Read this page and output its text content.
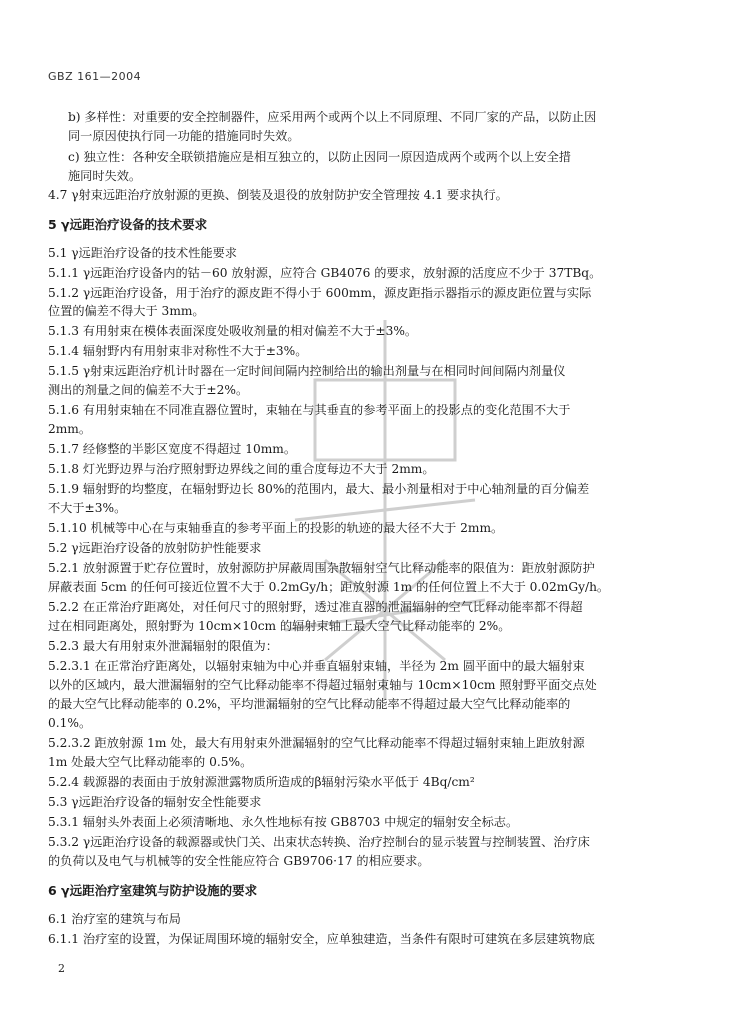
GBZ 161—2004
b) 多样性：对重要的安全控制器件，应采用两个或两个以上不同原理、不同厂家的产品，以防止因
同一原因使执行同一功能的措施同时失效。
c) 独立性：各种安全联锁措施应是相互独立的，以防止因同一原因造成两个或两个以上安全措
施同时失效。
4.7 γ射束远距治疗放射源的更换、倒装及退役的放射防护安全管理按 4.1 要求执行。
5 γ远距治疗设备的技术要求
5.1 γ远距治疗设备的技术性能要求
5.1.1 γ远距治疗设备内的钴－60 放射源，应符合 GB4076 的要求，放射源的活度应不少于 37TBq。
5.1.2 γ远距治疗设备，用于治疗的源皮距不得小于 600mm，源皮距指示器指示的源皮距位置与实际
位置的偏差不得大于 3mm。
5.1.3 有用射束在模体表面深度处吸收剂量的相对偏差不大于±3%。
5.1.4 辐射野内有用射束非对称性不大于±3%。
5.1.5 γ射束远距治疗机计时器在一定时间间隔内控制给出的输出剂量与在相同时间间隔内剂量仪
测出的剂量之间的偏差不大于±2%。
5.1.6 有用射束轴在不同准直器位置时，束轴在与其垂直的参考平面上的投影点的变化范围不大于
2mm。
5.1.7 经修整的半影区宽度不得超过 10mm。
5.1.8 灯光野边界与治疗照射野边界线之间的重合度每边不大于 2mm。
5.1.9 辐射野的均整度，在辐射野边长 80%的范围内，最大、最小剂量相对于中心轴剂量的百分偏差
不大于±3%。
5.1.10 机械等中心在与束轴垂直的参考平面上的投影的轨迹的最大径不大于 2mm。
5.2 γ远距治疗设备的放射防护性能要求
5.2.1 放射源置于贮存位置时，放射源防护屏蔽周围杂散辐射空气比释动能率的限值为：距放射源防护
屏蔽表面 5cm 的任何可接近位置不大于 0.2mGy/h；距放射源 1m 的任何位置上不大于 0.02mGy/h。
5.2.2 在正常治疗距离处，对任何尺寸的照射野，透过准直器的泄漏辐射的空气比释动能率都不得超
过在相同距离处，照射野为 10cm×10cm 的辐射束轴上最大空气比释动能率的 2%。
5.2.3 最大有用射束外泄漏辐射的限值为：
5.2.3.1 在正常治疗距离处，以辐射束轴为中心并垂直辐射束轴，半径为 2m 圆平面中的最大辐射束
以外的区域内，最大泄漏辐射的空气比释动能率不得超过辐射束轴与 10cm×10cm 照射野平面交点处
的最大空气比释动能率的 0.2%，平均泄漏辐射的空气比释动能率不得超过最大空气比释动能率的
0.1%。
5.2.3.2 距放射源 1m 处，最大有用射束外泄漏辐射的空气比释动能率不得超过辐射束轴上距放射源
1m 处最大空气比释动能率的 0.5%。
5.2.4 载源器的表面由于放射源泄露物质所造成的β辐射污染水平低于 4Bq/cm²
5.3 γ远距治疗设备的辐射安全性能要求
5.3.1 辐射头外表面上必须清晰地、永久性地标有按 GB8703 中规定的辐射安全标志。
5.3.2 γ远距治疗设备的载源器或快门关、出束状态转换、治疗控制台的显示装置与控制装置、治疗床
的负荷以及电气与机械等的安全性能应符合 GB9706·17 的相应要求。
6 γ远距治疗室建筑与防护设施的要求
6.1 治疗室的建筑与布局
6.1.1 治疗室的设置，为保证周围环境的辐射安全，应单独建造，当条件有限时可建筑在多层建筑物底
2
